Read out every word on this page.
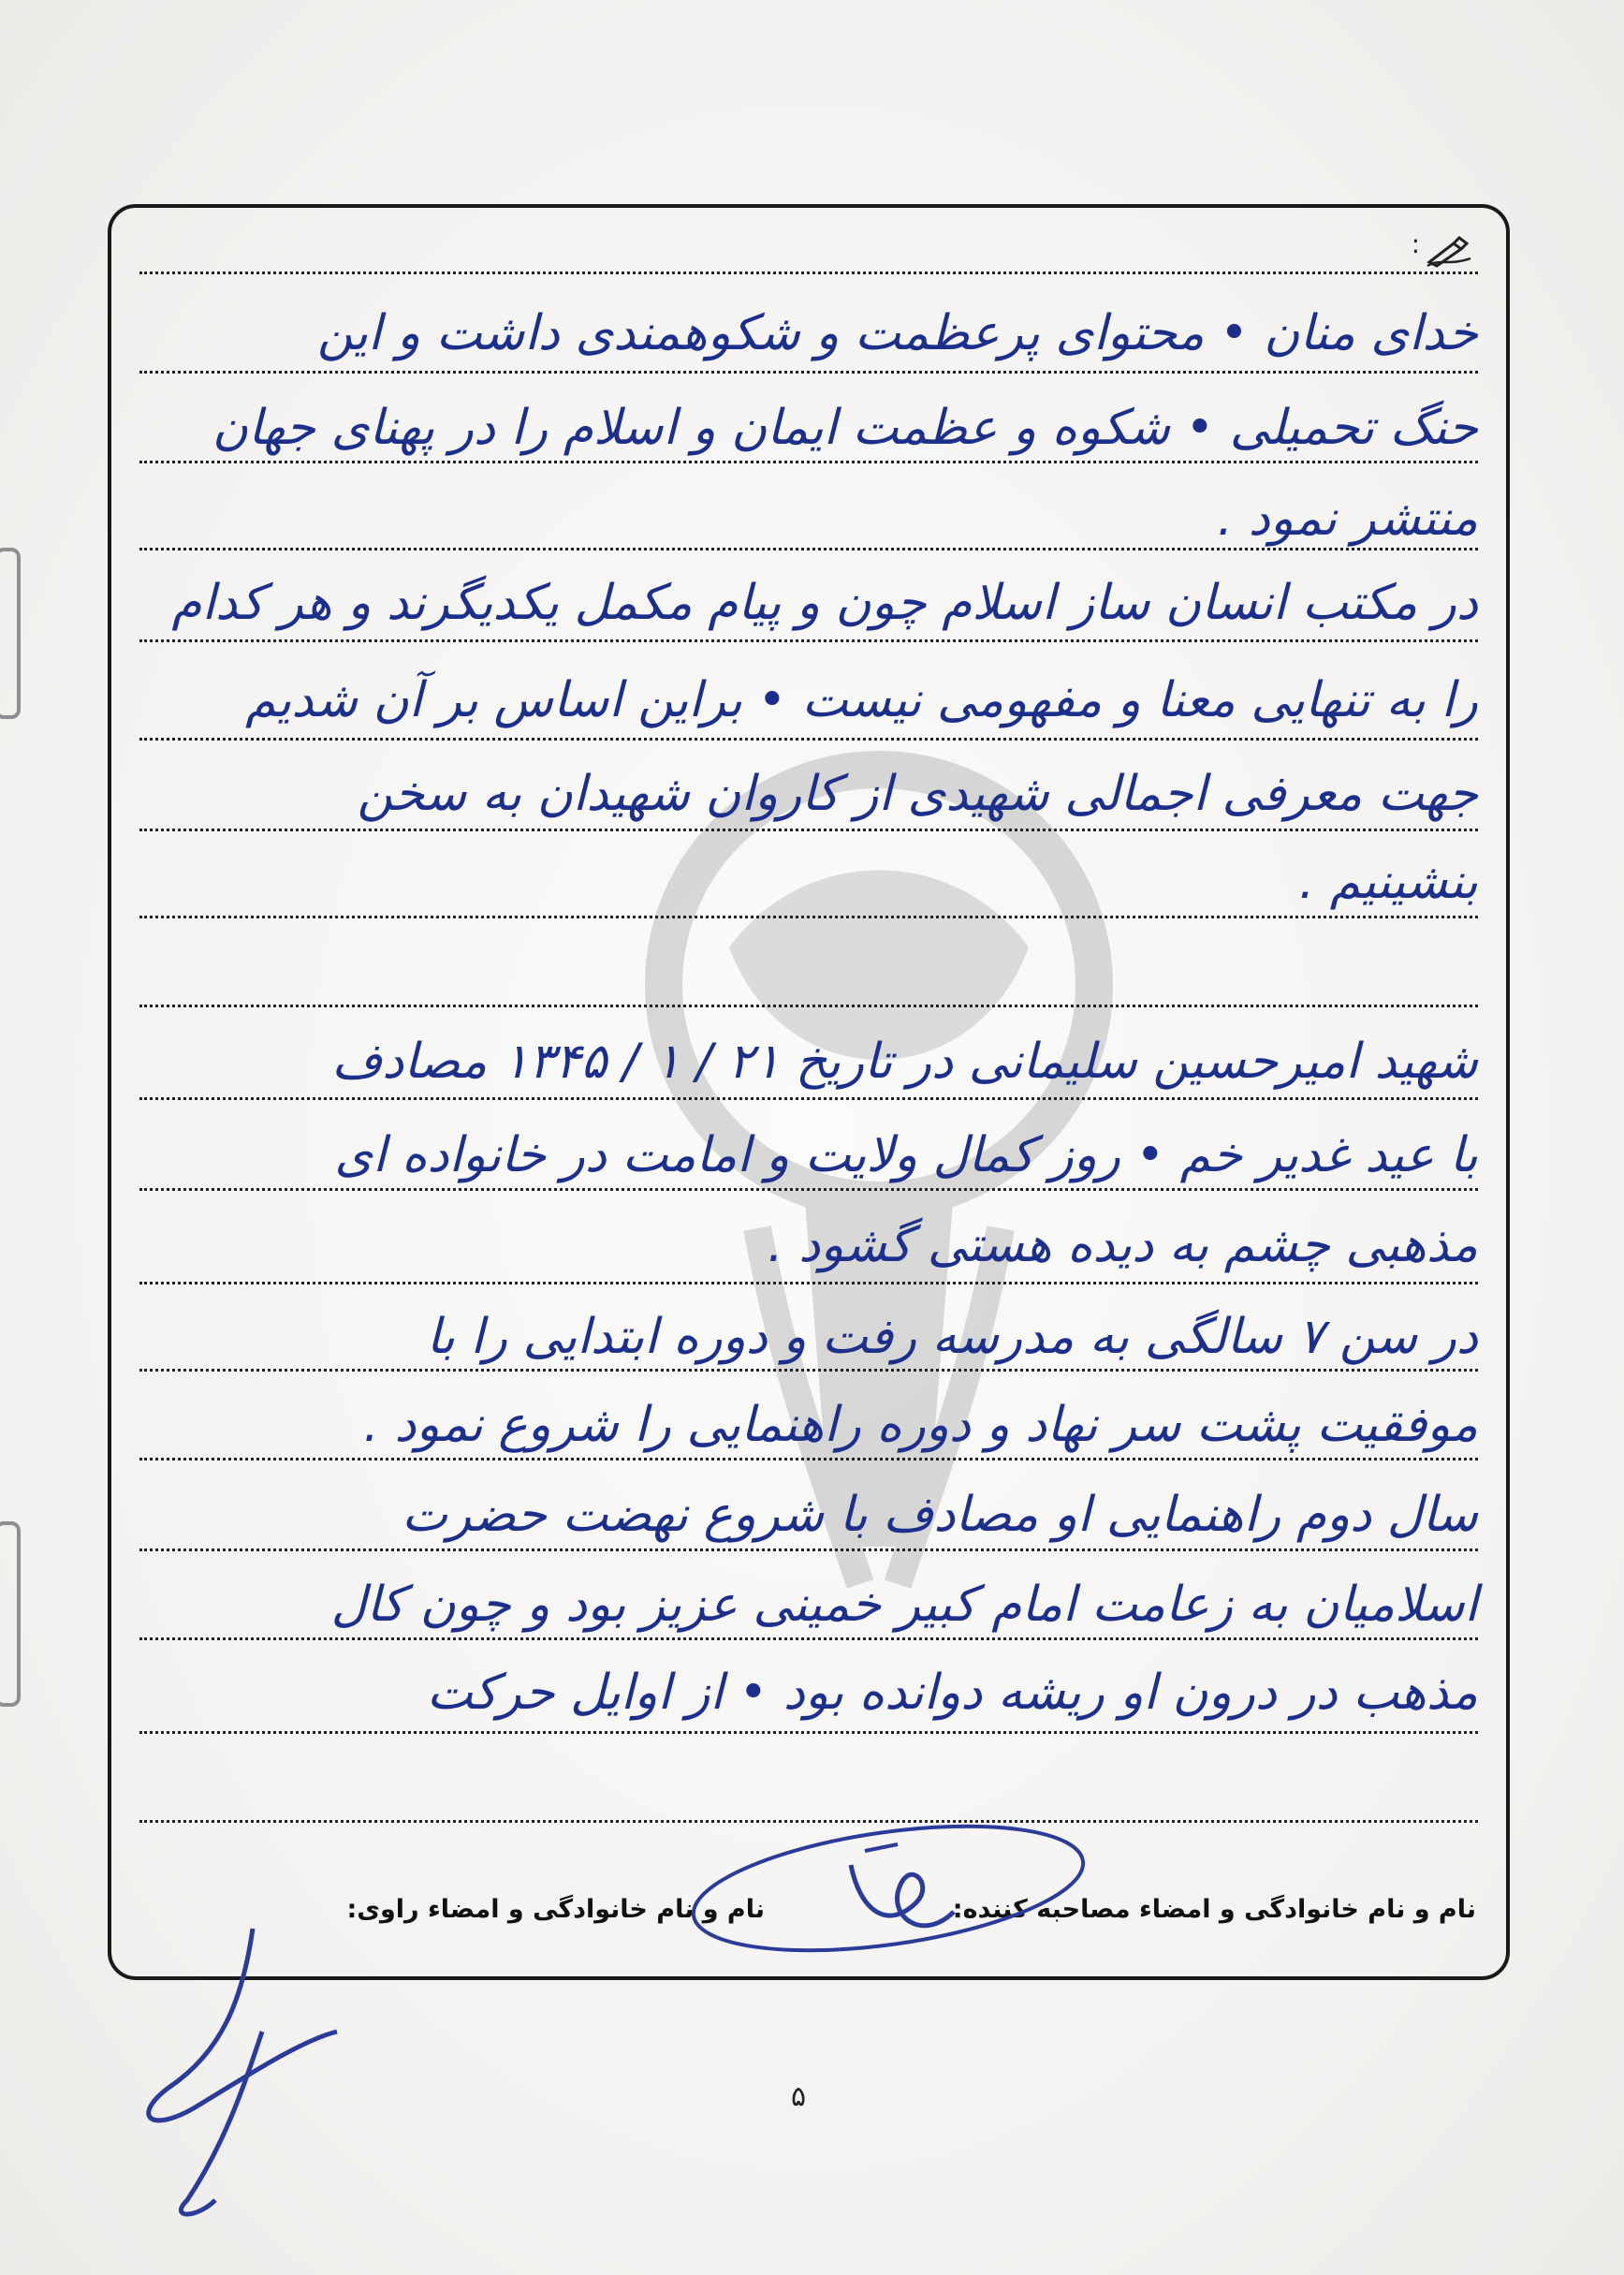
:
خدای منان • محتوای پرعظمت و شکوهمندی داشت و این
حنگ تحمیلی • شکوه و عظمت ایمان و اسلام را در پهنای جهان
منتشر نمود .
در مکتب انسان ساز اسلام چون و پیام مکمل یکدیگرند و هر کدام
را به تنهایی معنا و مفهومی نیست • براین اساس بر آن شدیم
جهت معرفی اجمالی شهیدی از کاروان شهیدان به سخن
بنشینیم .
شهید امیرحسین سلیمانی در تاریخ ۲۱ / ۱ / ۱۳۴۵ مصادف
با عید غدیر خم • روز کمال ولایت و امامت در خانواده ای
مذهبی چشم به دیده هستی گشود .
در سن ۷ سالگی به مدرسه رفت و دوره ابتدایی را با
موفقیت پشت سر نهاد و دوره راهنمایی را شروع نمود .
سال دوم راهنمایی او مصادف با شروع نهضت حضرت
اسلامیان به زعامت امام کبیر خمینی عزیز بود و چون کال
مذهب در درون او ریشه دوانده بود • از اوایل حرکت
نام و نام خانوادگی و امضاء مصاحبه کننده:
نام و نام خانوادگی و امضاء راوی:
۵
